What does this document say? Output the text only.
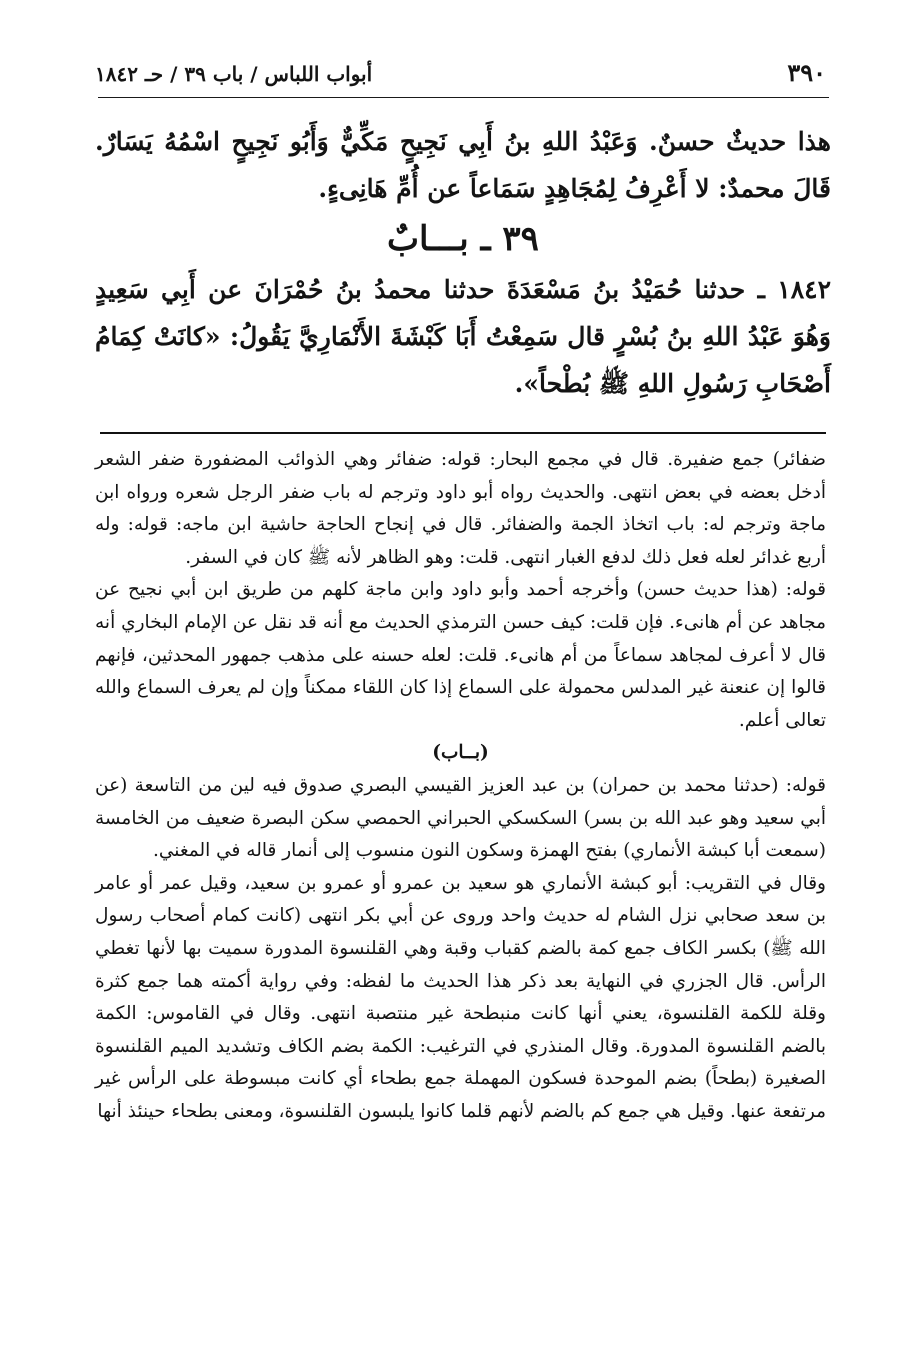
٣٩٠
أبواب اللباس / باب ٣٩ / حـ ١٨٤٢

هذا حديثٌ حسنٌ. وَعَبْدُ اللهِ بنُ أَبِي نَجِيحٍ مَكِّيٌّ وَأَبُو نَجِيحٍ اسْمُهُ يَسَارٌ. قَالَ محمدٌ: لا أَعْرِفُ لِمُجَاهِدٍ سَمَاعاً عن أُمِّ هَانِىءٍ.

٣٩ ـ بـــابٌ

١٨٤٢ ـ حدثنا حُمَيْدُ بنُ مَسْعَدَةَ حدثنا محمدُ بنُ حُمْرَانَ عن أَبِي سَعِيدٍ وَهُوَ عَبْدُ اللهِ بنُ بُسْرٍ قال سَمِعْتُ أَبَا كَبْشَةَ الأَنْمَارِيَّ يَقُولُ: «كانَتْ كِمَامُ أَصْحَابِ رَسُولِ اللهِ ﷺ بُطْحاً».

ضفائر) جمع ضفيرة. قال في مجمع البحار: قوله: ضفائر وهي الذوائب المضفورة ضفر الشعر أدخل بعضه في بعض انتهى. والحديث رواه أبو داود وترجم له باب ضفر الرجل شعره ورواه ابن ماجة وترجم له: باب اتخاذ الجمة والضفائر. قال في إنجاح الحاجة حاشية ابن ماجه: قوله: وله أربع غدائر لعله فعل ذلك لدفع الغبار انتهى. قلت: وهو الظاهر لأنه ﷺ كان في السفر.

قوله: (هذا حديث حسن) وأخرجه أحمد وأبو داود وابن ماجة كلهم من طريق ابن أبي نجيح عن مجاهد عن أم هانىء. فإن قلت: كيف حسن الترمذي الحديث مع أنه قد نقل عن الإمام البخاري أنه قال لا أعرف لمجاهد سماعاً من أم هانىء. قلت: لعله حسنه على مذهب جمهور المحدثين، فإنهم قالوا إن عنعنة غير المدلس محمولة على السماع إذا كان اللقاء ممكناً وإن لم يعرف السماع والله تعالى أعلم.

(بــاب)

قوله: (حدثنا محمد بن حمران) بن عبد العزيز القيسي البصري صدوق فيه لين من التاسعة (عن أبي سعيد وهو عبد الله بن بسر) السكسكي الحبراني الحمصي سكن البصرة ضعيف من الخامسة (سمعت أبا كبشة الأنماري) بفتح الهمزة وسكون النون منسوب إلى أنمار قاله في المغني.

وقال في التقريب: أبو كبشة الأنماري هو سعيد بن عمرو أو عمرو بن سعيد، وقيل عمر أو عامر بن سعد صحابي نزل الشام له حديث واحد وروى عن أبي بكر انتهى (كانت كمام أصحاب رسول الله ﷺ) بكسر الكاف جمع كمة بالضم كقباب وقبة وهي القلنسوة المدورة سميت بها لأنها تغطي الرأس. قال الجزري في النهاية بعد ذكر هذا الحديث ما لفظه: وفي رواية أكمته هما جمع كثرة وقلة للكمة القلنسوة، يعني أنها كانت منبطحة غير منتصبة انتهى. وقال في القاموس: الكمة بالضم القلنسوة المدورة. وقال المنذري في الترغيب: الكمة بضم الكاف وتشديد الميم القلنسوة الصغيرة (بطحاً) بضم الموحدة فسكون المهملة جمع بطحاء أي كانت مبسوطة على الرأس غير مرتفعة عنها. وقيل هي جمع كم بالضم لأنهم قلما كانوا يلبسون القلنسوة، ومعنى بطحاء حينئذ أنها
